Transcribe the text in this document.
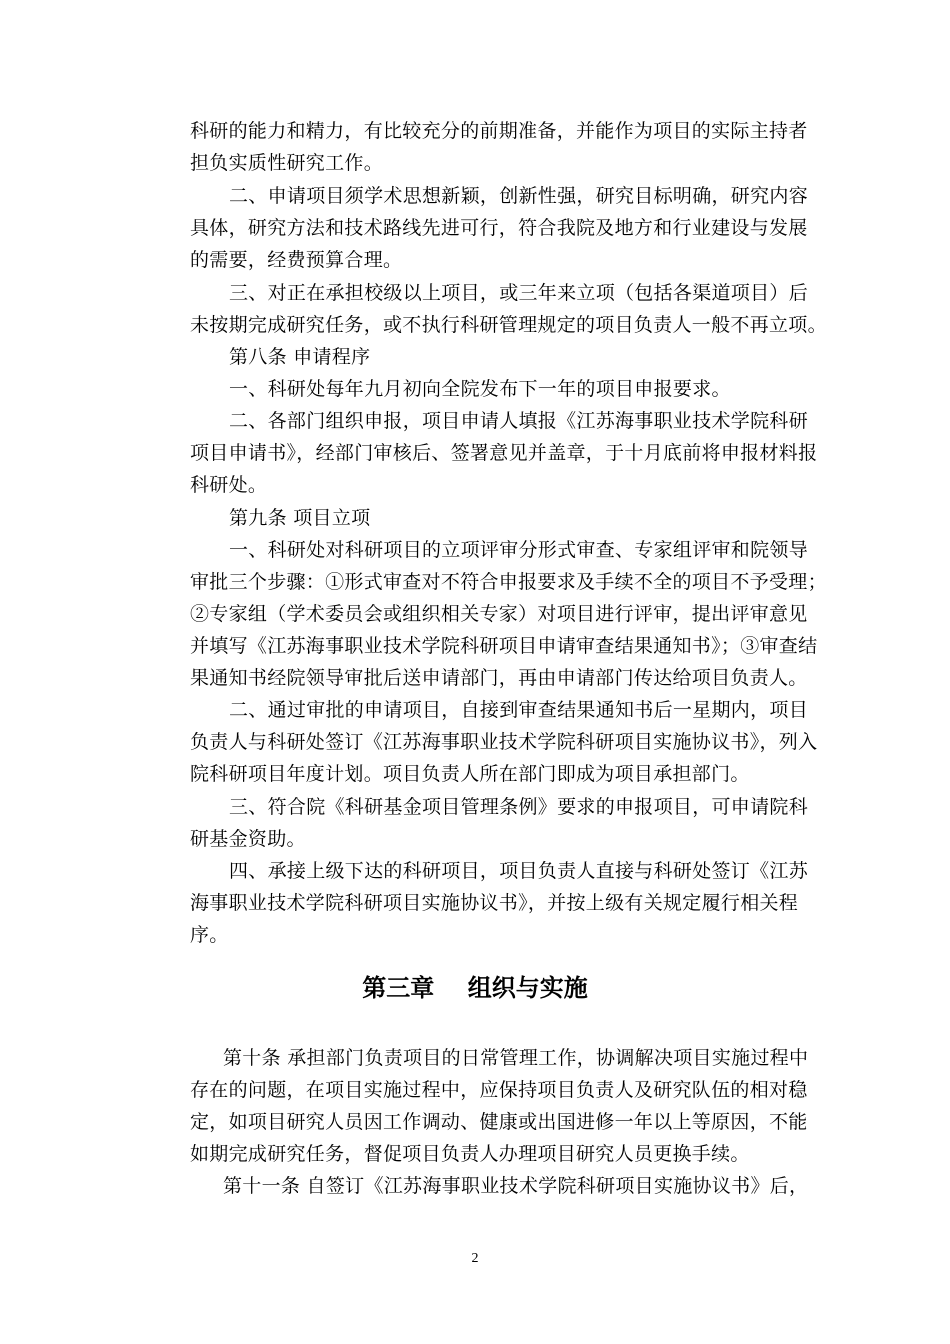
科研的能力和精力，有比较充分的前期准备，并能作为项目的实际主持者
担负实质性研究工作。
二、申请项目须学术思想新颖，创新性强，研究目标明确，研究内容
具体，研究方法和技术路线先进可行，符合我院及地方和行业建设与发展
的需要，经费预算合理。
三、对正在承担校级以上项目，或三年来立项（包括各渠道项目）后
未按期完成研究任务，或不执行科研管理规定的项目负责人一般不再立项。
第八条 申请程序
一、科研处每年九月初向全院发布下一年的项目申报要求。
二、各部门组织申报，项目申请人填报《江苏海事职业技术学院科研
项目申请书》，经部门审核后、签署意见并盖章，于十月底前将申报材料报
科研处。
第九条 项目立项
一、科研处对科研项目的立项评审分形式审查、专家组评审和院领导
审批三个步骤：①形式审查对不符合申报要求及手续不全的项目不予受理；
②专家组（学术委员会或组织相关专家）对项目进行评审，提出评审意见
并填写《江苏海事职业技术学院科研项目申请审查结果通知书》；③审查结
果通知书经院领导审批后送申请部门，再由申请部门传达给项目负责人。
二、通过审批的申请项目，自接到审查结果通知书后一星期内，项目
负责人与科研处签订《江苏海事职业技术学院科研项目实施协议书》，列入
院科研项目年度计划。项目负责人所在部门即成为项目承担部门。
三、符合院《科研基金项目管理条例》要求的申报项目，可申请院科
研基金资助。
四、承接上级下达的科研项目，项目负责人直接与科研处签订《江苏
海事职业技术学院科研项目实施协议书》，并按上级有关规定履行相关程
序。
第三章    组织与实施
第十条 承担部门负责项目的日常管理工作，协调解决项目实施过程中
存在的问题，在项目实施过程中，应保持项目负责人及研究队伍的相对稳
定，如项目研究人员因工作调动、健康或出国进修一年以上等原因，不能
如期完成研究任务，督促项目负责人办理项目研究人员更换手续。
第十一条 自签订《江苏海事职业技术学院科研项目实施协议书》后，
2
